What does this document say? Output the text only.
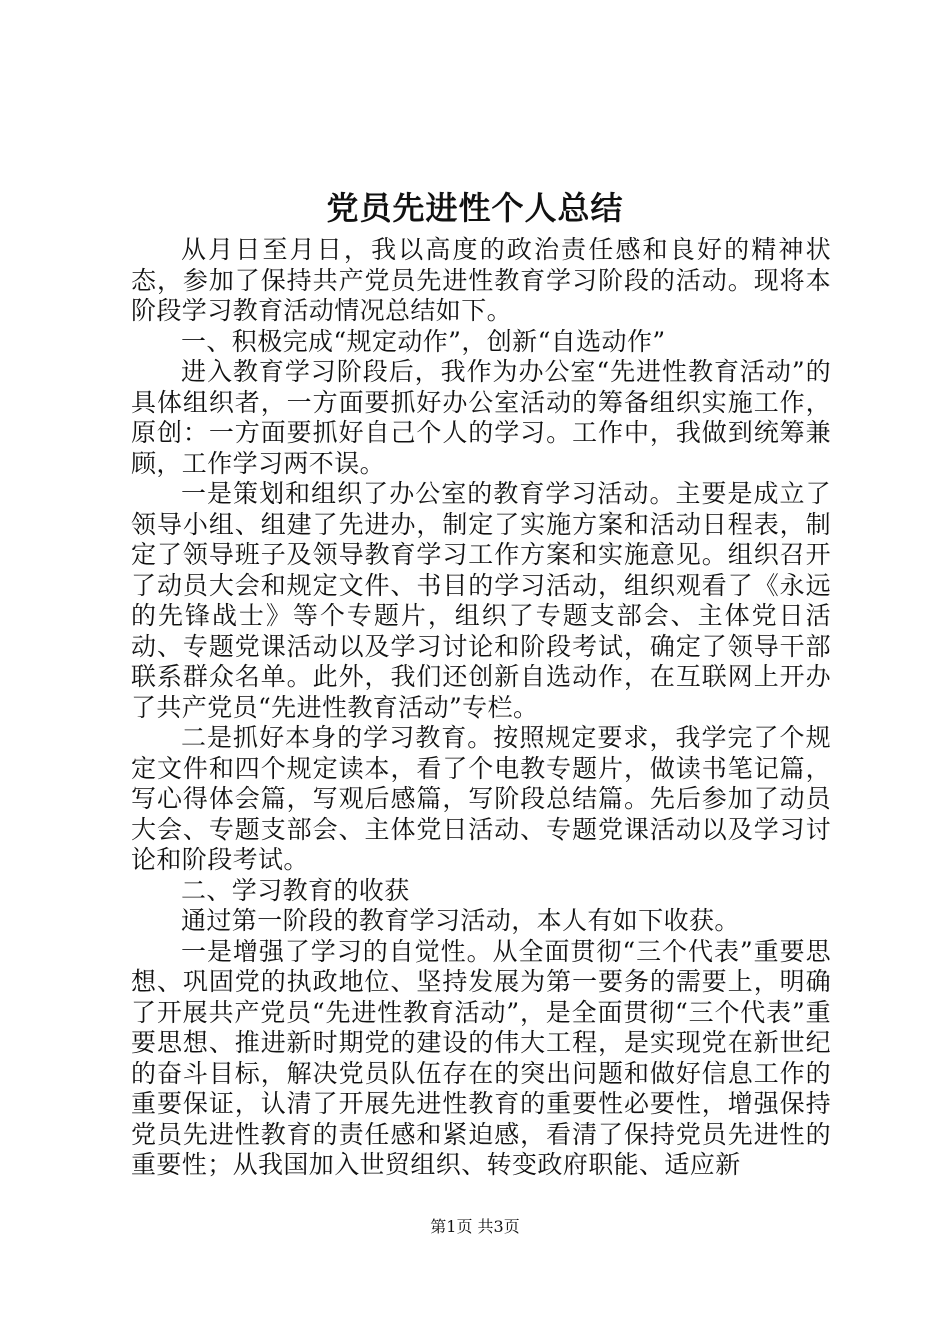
党员先进性个人总结

从月日至月日，我以高度的政治责任感和良好的精神状态，参加了保持共产党员先进性教育学习阶段的活动。现将本阶段学习教育活动情况总结如下。

一、积极完成“规定动作”，创新“自选动作”

进入教育学习阶段后，我作为办公室“先进性教育活动”的具体组织者，一方面要抓好办公室活动的筹备组织实施工作，原创：一方面要抓好自己个人的学习。工作中，我做到统筹兼顾，工作学习两不误。

一是策划和组织了办公室的教育学习活动。主要是成立了领导小组、组建了先进办，制定了实施方案和活动日程表，制定了领导班子及领导教育学习工作方案和实施意见。组织召开了动员大会和规定文件、书目的学习活动，组织观看了《永远的先锋战士》等个专题片，组织了专题支部会、主体党日活动、专题党课活动以及学习讨论和阶段考试，确定了领导干部联系群众名单。此外，我们还创新自选动作，在互联网上开办了共产党员“先进性教育活动”专栏。

二是抓好本身的学习教育。按照规定要求，我学完了个规定文件和四个规定读本，看了个电教专题片，做读书笔记篇，写心得体会篇，写观后感篇，写阶段总结篇。先后参加了动员大会、专题支部会、主体党日活动、专题党课活动以及学习讨论和阶段考试。

二、学习教育的收获

通过第一阶段的教育学习活动，本人有如下收获。

一是增强了学习的自觉性。从全面贯彻“三个代表”重要思想、巩固党的执政地位、坚持发展为第一要务的需要上，明确了开展共产党员“先进性教育活动”，是全面贯彻“三个代表”重要思想、推进新时期党的建设的伟大工程，是实现党在新世纪的奋斗目标，解决党员队伍存在的突出问题和做好信息工作的重要保证，认清了开展先进性教育的重要性必要性，增强保持党员先进性教育的责任感和紧迫感，看清了保持党员先进性的重要性；从我国加入世贸组织、转变政府职能、适应新

第1页 共3页
